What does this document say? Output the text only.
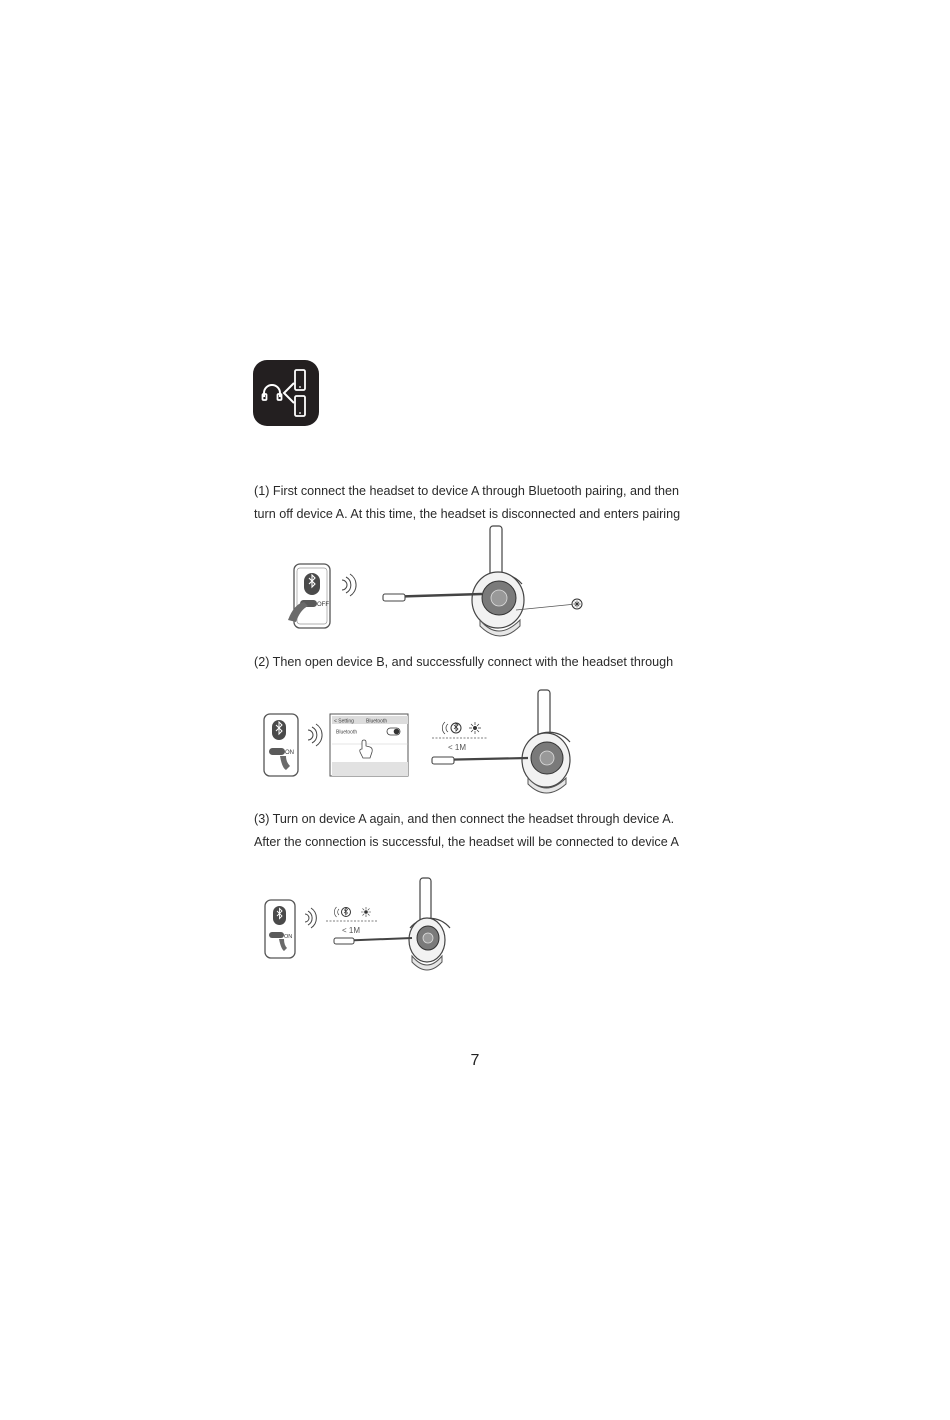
(1) First connect the headset to device A through Bluetooth pairing, and then
turn off device A. At this time, the headset is disconnected and enters pairing

OFF

(2) Then open device B, and successfully connect with the headset through

ON
< Setting Bluetooth
Bluetooth
< 1M

(3) Turn on device A again, and then connect the headset through device A.
After the connection is successful, the headset will be connected to device A

ON
< 1M
7
